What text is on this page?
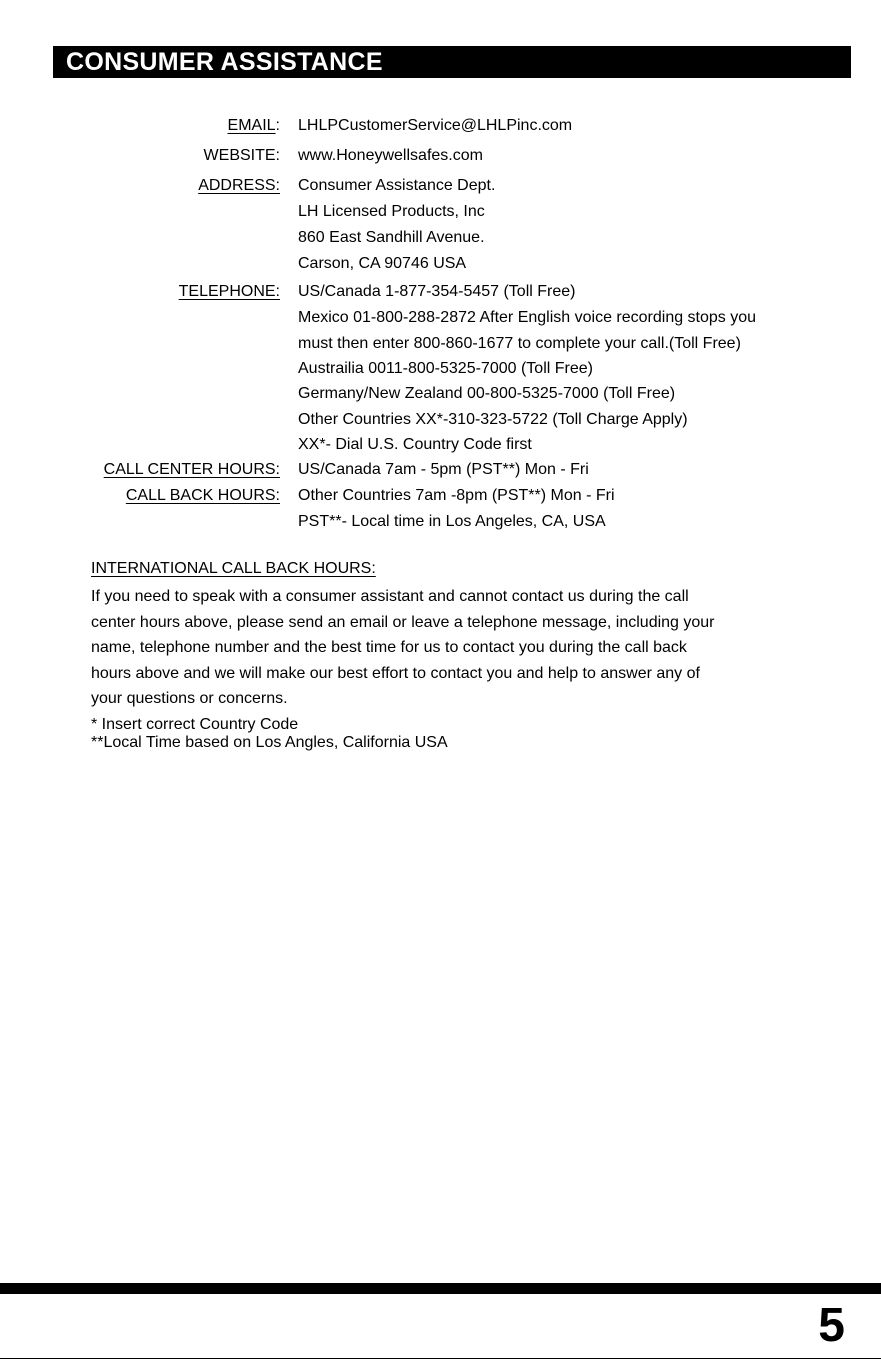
CONSUMER ASSISTANCE
EMAIL: LHLPCustomerService@LHLPinc.com
WEBSITE: www.Honeywellsafes.com
ADDRESS: Consumer Assistance Dept.
LH Licensed Products, Inc
860 East Sandhill Avenue.
Carson, CA 90746 USA
TELEPHONE: US/Canada 1-877-354-5457 (Toll Free)
Mexico 01-800-288-2872 After English voice recording stops you
must then enter 800-860-1677 to complete your call.(Toll Free)
Austrailia 0011-800-5325-7000 (Toll Free)
Germany/New Zealand 00-800-5325-7000 (Toll Free)
Other Countries XX*-310-323-5722 (Toll Charge Apply)
XX*- Dial U.S. Country Code first
CALL CENTER HOURS: US/Canada 7am - 5pm (PST**) Mon - Fri
CALL BACK HOURS: Other Countries 7am -8pm (PST**) Mon - Fri
PST**- Local time in Los Angeles, CA, USA
INTERNATIONAL CALL BACK HOURS:
If you need to speak with a consumer assistant and cannot contact us during the call
center hours above, please send an email or leave a telephone message, including your
name, telephone number and the best time for us to contact you during the call back
hours above and we will make our best effort to contact you and help to answer any of
your questions or concerns.
* Insert correct Country Code
**Local Time based on Los Angles, California USA
5
